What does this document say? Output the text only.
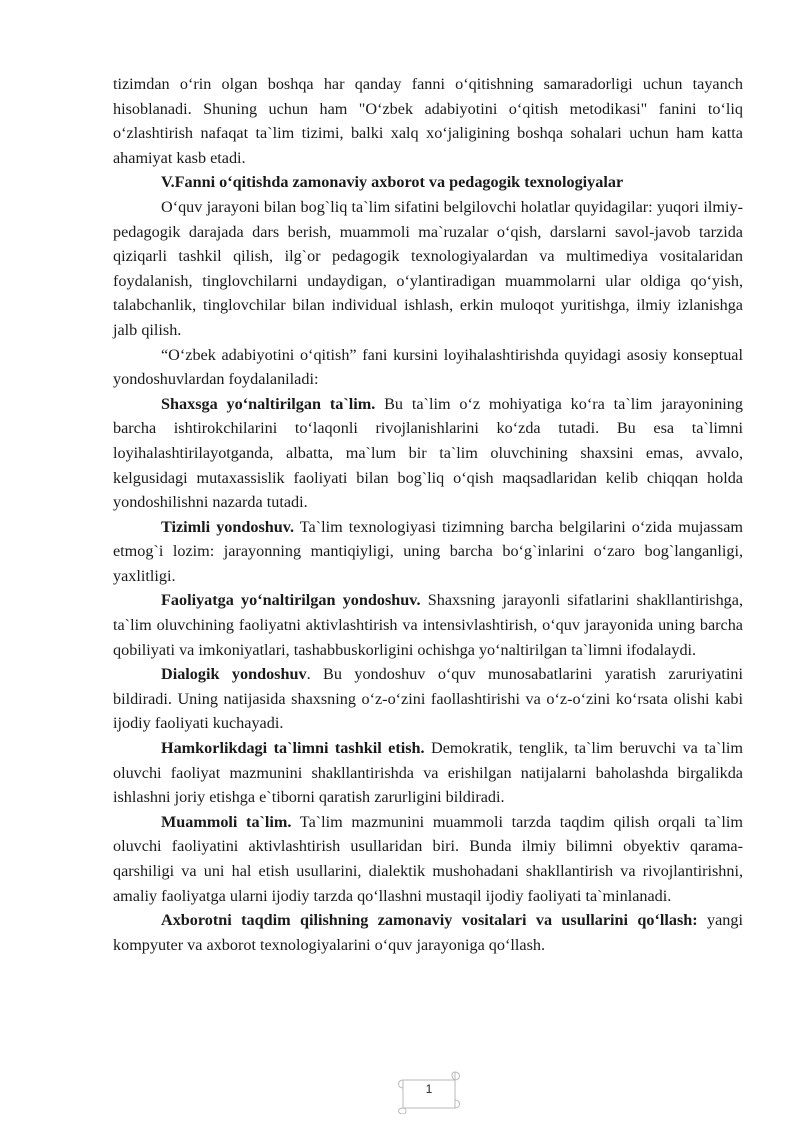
tizimdan o‘rin olgan boshqa har qanday fanni o‘qitishning samaradorligi uchun tayanch hisoblanadi. Shuning uchun ham "O‘zbek adabiyotini o‘qitish metodikasi" fanini to‘liq o‘zlashtirish nafaqat ta`lim tizimi, balki xalq xo‘jaligining boshqa sohalari uchun ham katta ahamiyat kasb etadi.

V.Fanni o‘qitishda zamonaviy axborot va pedagogik texnologiyalar

O‘quv jarayoni bilan bog`liq ta`lim sifatini belgilovchi holatlar quyidagilar: yuqori ilmiy-pedagogik darajada dars berish, muammoli ma`ruzalar o‘qish, darslarni savol-javob tarzida qiziqarli tashkil qilish, ilg`or pedagogik texnologiyalardan va multimediya vositalaridan foydalanish, tinglovchilarni undaydigan, o‘ylantiradigan muammolarni ular oldiga qo‘yish, talabchanlik, tinglovchilar bilan individual ishlash, erkin muloqot yuritishga, ilmiy izlanishga jalb qilish.

“O‘zbek adabiyotini o‘qitish” fani kursini loyihalashtirishda quyidagi asosiy konseptual yondoshuvlardan foydalaniladi:

Shaxsga yo‘naltirilgan ta`lim. Bu ta`lim o‘z mohiyatiga ko‘ra ta`lim jarayonining barcha ishtirokchilarini to‘laqonli rivojlanishlarini ko‘zda tutadi. Bu esa ta`limni loyihalashtirilayotganda, albatta, ma`lum bir ta`lim oluvchining shaxsini emas, avvalo, kelgusidagi mutaxassislik faoliyati bilan bog`liq o‘qish maqsadlaridan kelib chiqqan holda yondoshilishni nazarda tutadi.

Tizimli yondoshuv. Ta`lim texnologiyasi tizimning barcha belgilarini o‘zida mujassam etmog`i lozim: jarayonning mantiqiyligi, uning barcha bo‘g`inlarini o‘zaro bog`langanligi, yaxlitligi.

Faoliyatga yo‘naltirilgan yondoshuv. Shaxsning jarayonli sifatlarini shakllantirishga, ta`lim oluvchining faoliyatni aktivlashtirish va intensivlashtirish, o‘quv jarayonida uning barcha qobiliyati va imkoniyatlari, tashabbuskorligini ochishga yo‘naltirilgan ta`limni ifodalaydi.

Dialogik yondoshuv. Bu yondoshuv o‘quv munosabatlarini yaratish zaruriyatini bildiradi. Uning natijasida shaxsning o‘z-o‘zini faollashtirishi va o‘z-o‘zini ko‘rsata olishi kabi ijodiy faoliyati kuchayadi.

Hamkorlikdagi ta`limni tashkil etish. Demokratik, tenglik, ta`lim beruvchi va ta`lim oluvchi faoliyat mazmunini shakllantirishda va erishilgan natijalarni baholashda birgalikda ishlashni joriy etishga e`tiborni qaratish zarurligini bildiradi.

Muammoli ta`lim. Ta`lim mazmunini muammoli tarzda taqdim qilish orqali ta`lim oluvchi faoliyatini aktivlashtirish usullaridan biri. Bunda ilmiy bilimni obyektiv qarama-qarshiligi va uni hal etish usullarini, dialektik mushohadani shakllantirish va rivojlantirishni, amaliy faoliyatga ularni ijodiy tarzda qo‘llashni mustaqil ijodiy faoliyati ta`minlanadi.

Axborotni taqdim qilishning zamonaviy vositalari va usullarini qo‘llash: yangi kompyuter va axborot texnologiyalarini o‘quv jarayoniga qo‘llash.

1
